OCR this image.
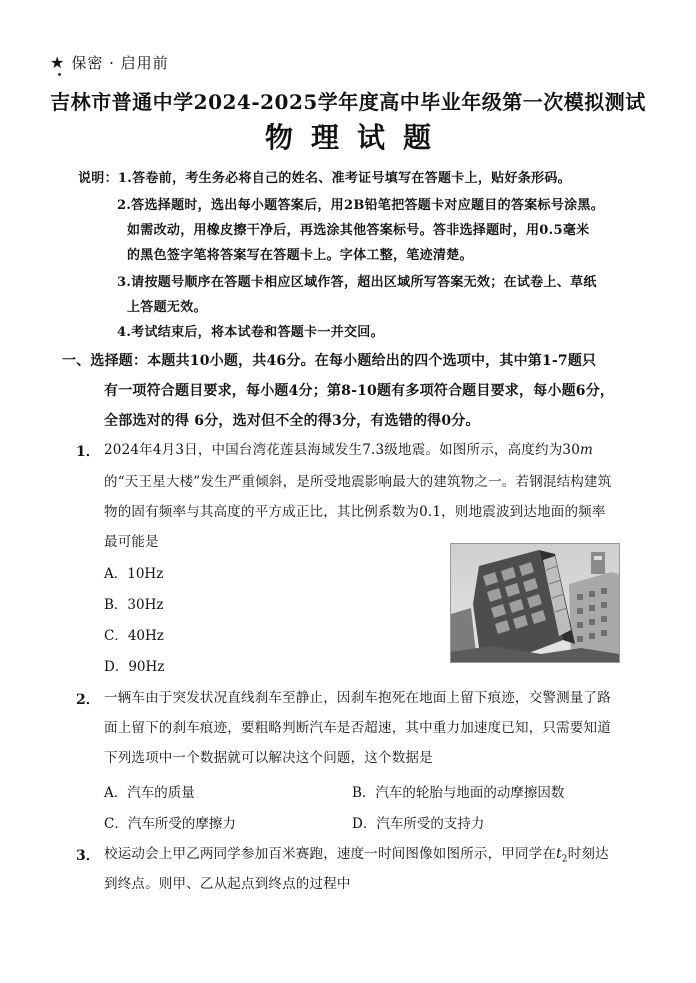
★ 保密 · 启用前
吉林市普通中学2024-2025学年度高中毕业年级第一次模拟测试
物理试题
说明：1.答卷前，考生务必将自己的姓名、准考证号填写在答题卡上，贴好条形码。
2.答选择题时，选出每小题答案后，用2B铅笔把答题卡对应题目的答案标号涂黑。
如需改动，用橡皮擦干净后，再选涂其他答案标号。答非选择题时，用0.5毫米
的黑色签字笔将答案写在答题卡上。字体工整，笔迹清楚。
3.请按题号顺序在答题卡相应区域作答，超出区域所写答案无效；在试卷上、草纸
上答题无效。
4.考试结束后，将本试卷和答题卡一并交回。
一、选择题：本题共10小题，共46分。在每小题给出的四个选项中，其中第1-7题只
有一项符合题目要求，每小题4分；第8-10题有多项符合题目要求，每小题6分，
全部选对的得 6分，选对但不全的得3分，有选错的得0分。
1． 2024年4月3日，中国台湾花莲县海域发生7.3级地震。如图所示，高度约为30m
的“天王星大楼”发生严重倾斜，是所受地震影响最大的建筑物之一。若钢混结构建筑
物的固有频率与其高度的平方成正比，其比例系数为0.1，则地震波到达地面的频率
最可能是
A．10Hz
B．30Hz
C．40Hz
D．90Hz
2． 一辆车由于突发状况直线刹车至静止，因刹车抱死在地面上留下痕迹，交警测量了路
面上留下的刹车痕迹，要粗略判断汽车是否超速，其中重力加速度已知，只需要知道
下列选项中一个数据就可以解决这个问题，这个数据是
A．汽车的质量	B．汽车的轮胎与地面的动摩擦因数
C．汽车所受的摩擦力	D．汽车所受的支持力
3． 校运动会上甲乙两同学参加百米赛跑，速度一时间图像如图所示，甲同学在$t_2$时刻达
到终点。则甲、乙从起点到终点的过程中
